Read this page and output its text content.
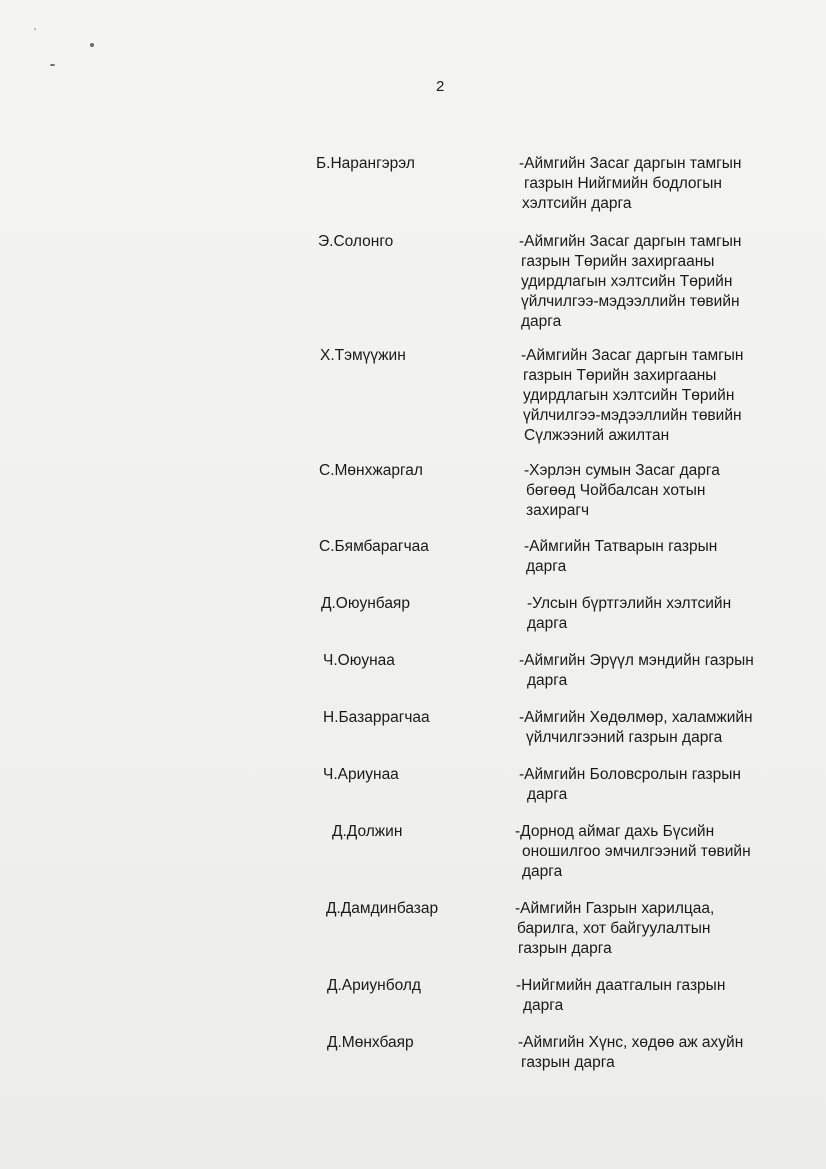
2
Б.Нарангэрэл	-Аймгийн Засаг даргын тамгын
газрын Нийгмийн бодлогын
хэлтсийн дарга
Э.Солонго	-Аймгийн Засаг даргын тамгын
газрын Төрийн захиргааны
удирдлагын хэлтсийн Төрийн
үйлчилгээ-мэдээллийн төвийн
дарга
Х.Тэмүүжин	-Аймгийн Засаг даргын тамгын
газрын Төрийн захиргааны
удирдлагын хэлтсийн Төрийн
үйлчилгээ-мэдээллийн төвийн
Сүлжээний ажилтан
С.Мөнхжаргал	-Хэрлэн сумын Засаг дарга
бөгөөд Чойбалсан хотын
захирагч
С.Бямбарагчаа	-Аймгийн Татварын газрын
дарга
Д.Оюунбаяр	-Улсын бүртгэлийн хэлтсийн
дарга
Ч.Оюунаа	-Аймгийн Эрүүл мэндийн газрын
дарга
Н.Базаррагчаа	-Аймгийн Хөдөлмөр, халамжийн
үйлчилгээний газрын дарга
Ч.Ариунаа	-Аймгийн Боловсролын газрын
дарга
Д.Должин	-Дорнод аймаг дахь Бүсийн
оношилгоо эмчилгээний төвийн
дарга
Д.Дамдинбазар	-Аймгийн Газрын харилцаа,
барилга, хот байгуулалтын
газрын дарга
Д.Ариунболд	-Нийгмийн даатгалын газрын
дарга
Д.Мөнхбаяр	-Аймгийн Хүнс, хөдөө аж ахуйн
газрын дарга
